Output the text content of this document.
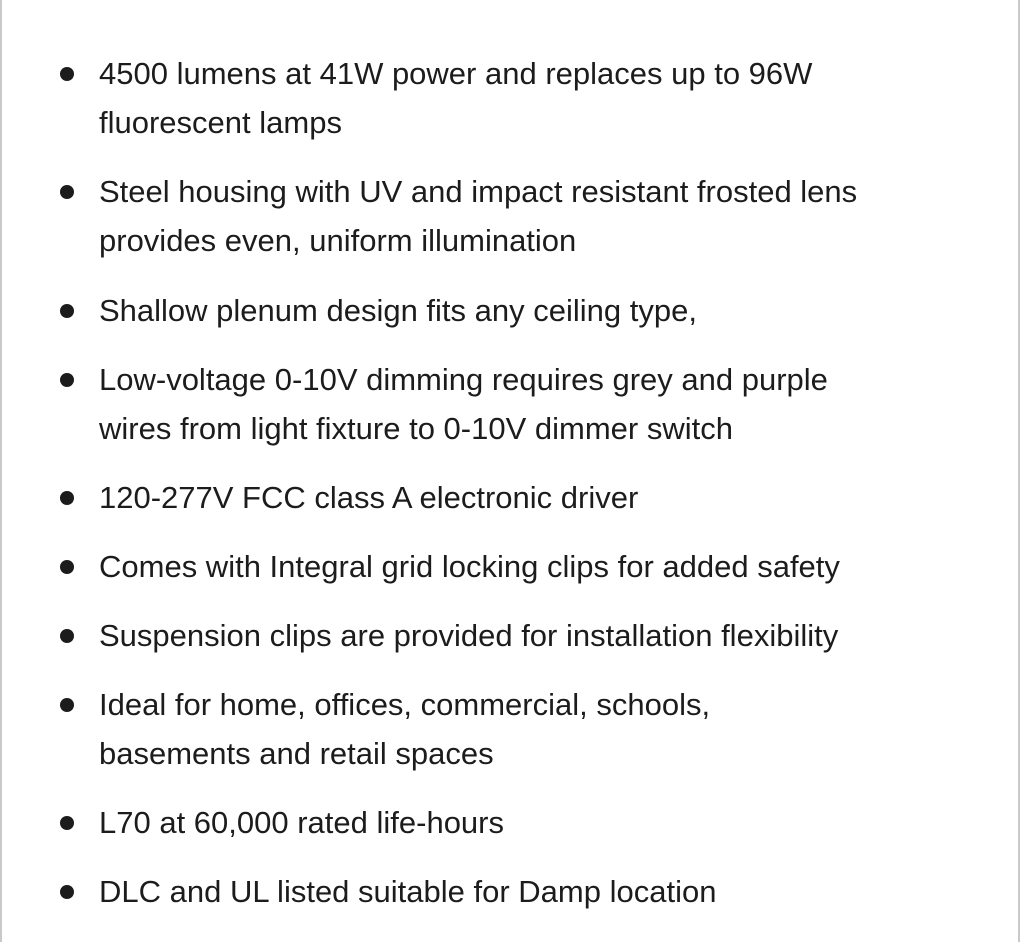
4500 lumens at 41W power and replaces up to 96W
fluorescent lamps
Steel housing with UV and impact resistant frosted lens
provides even, uniform illumination
Shallow plenum design fits any ceiling type,
Low-voltage 0-10V dimming requires grey and purple
wires from light fixture to 0-10V dimmer switch
120-277V FCC class A electronic driver
Comes with Integral grid locking clips for added safety
Suspension clips are provided for installation flexibility
Ideal for home, offices, commercial, schools,
basements and retail spaces
L70 at 60,000 rated life-hours
DLC and UL listed suitable for Damp location
